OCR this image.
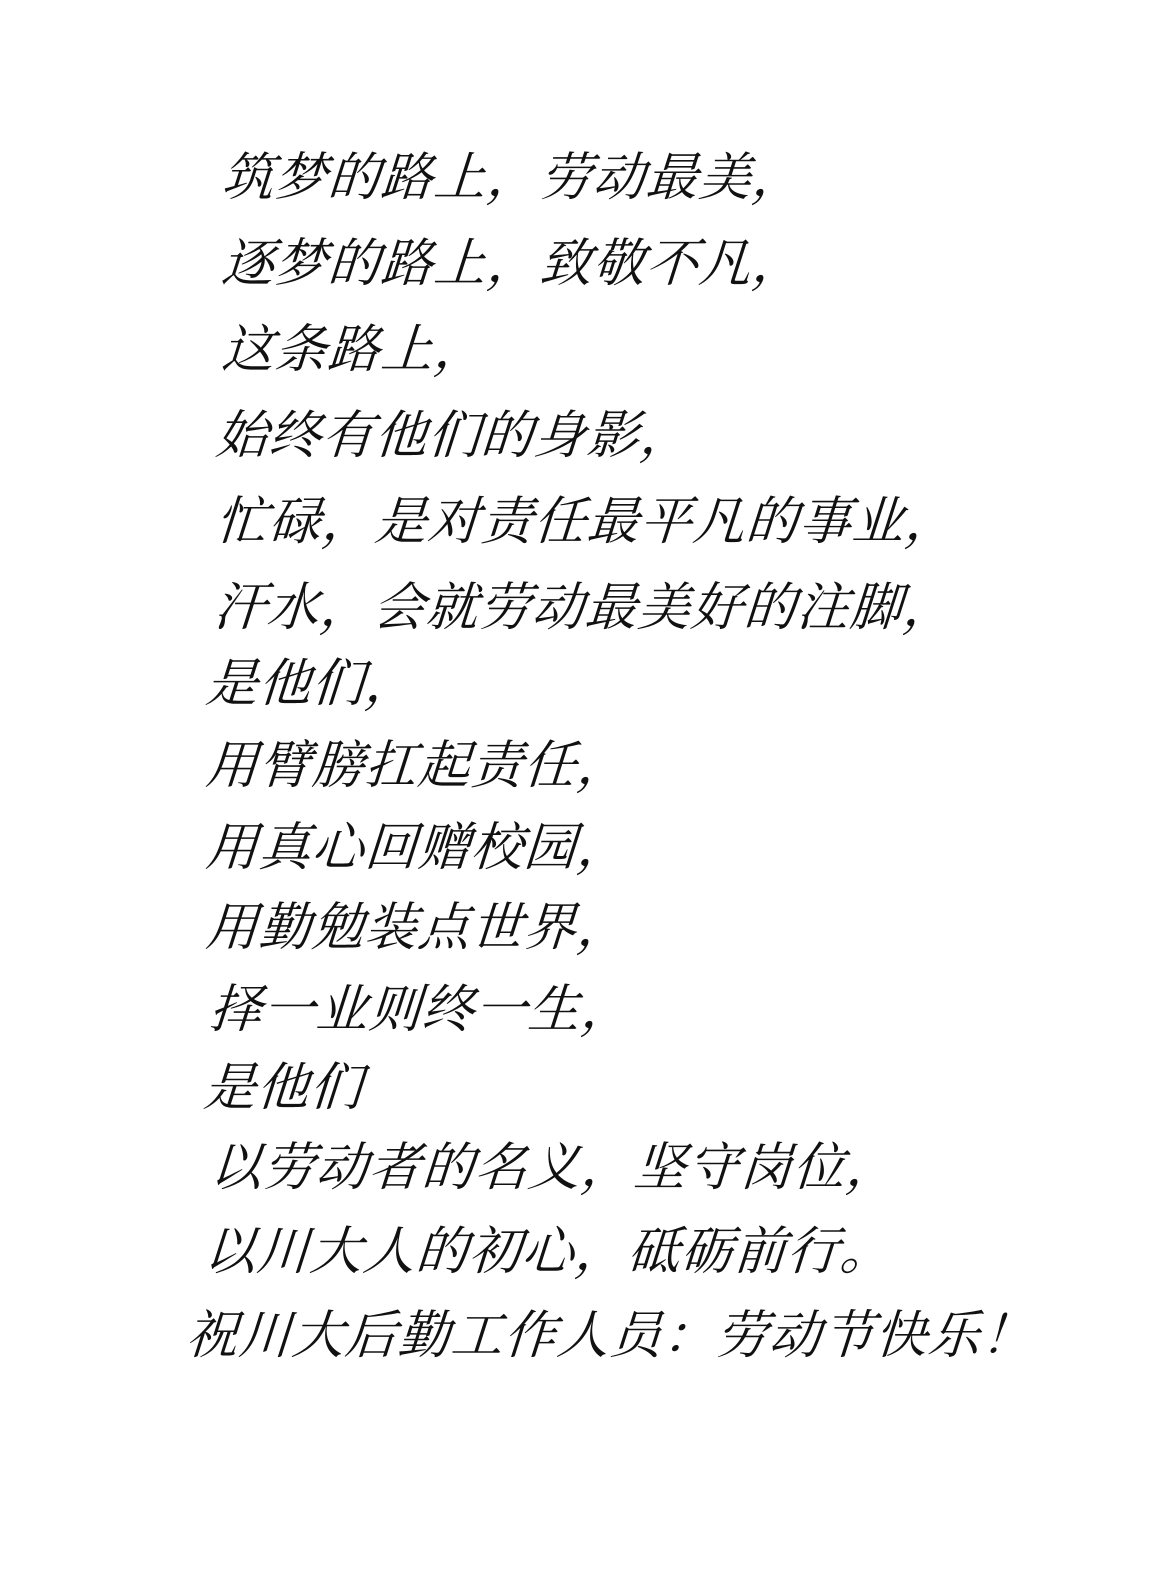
筑梦的路上，劳动最美，
逐梦的路上，致敬不凡，
这条路上，
始终有他们的身影，
忙碌，是对责任最平凡的事业，
汗水，会就劳动最美好的注脚，
是他们，
用臂膀扛起责任，
用真心回赠校园，
用勤勉装点世界，
择一业则终一生，
是他们
以劳动者的名义，坚守岗位，
以川大人的初心，砥砺前行。
祝川大后勤工作人员：劳动节快乐！
